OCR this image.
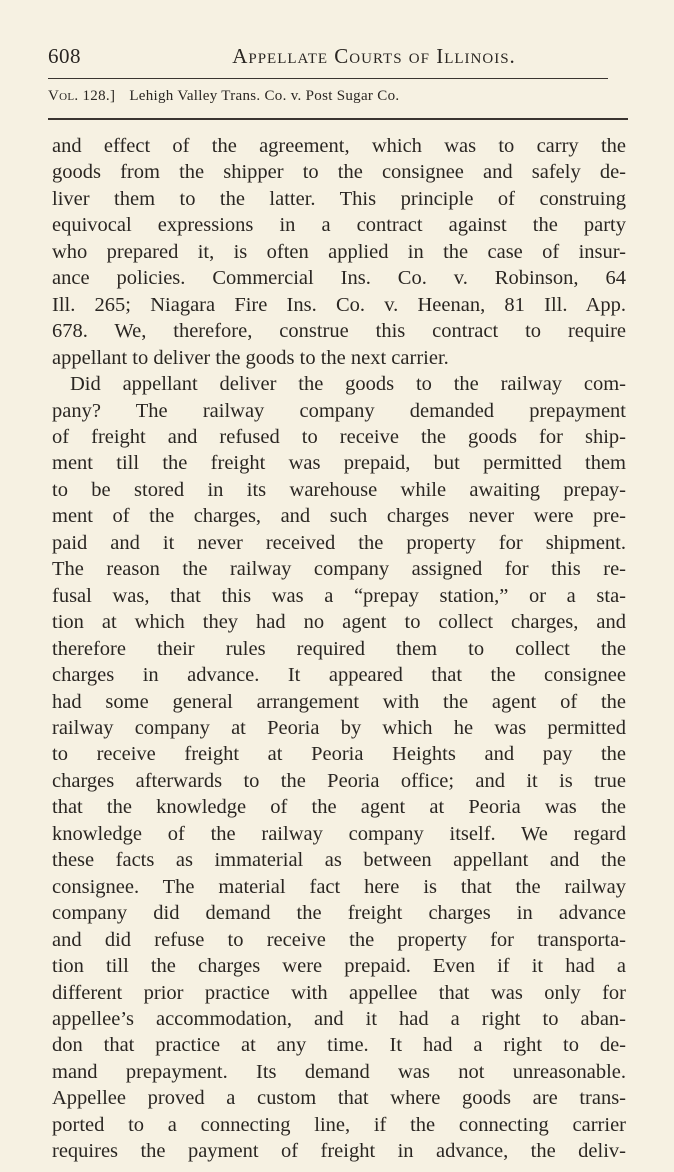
608	Appellate Courts of Illinois.
Vol. 128.] Lehigh Valley Trans. Co. v. Post Sugar Co.
and effect of the agreement, which was to carry the
goods from the shipper to the consignee and safely de-
liver them to the latter. This principle of construing
equivocal expressions in a contract against the party
who prepared it, is often applied in the case of insur-
ance policies. Commercial Ins. Co. v. Robinson, 64
Ill. 265; Niagara Fire Ins. Co. v. Heenan, 81 Ill. App.
678. We, therefore, construe this contract to require
appellant to deliver the goods to the next carrier.
Did appellant deliver the goods to the railway com-
pany? The railway company demanded prepayment
of freight and refused to receive the goods for ship-
ment till the freight was prepaid, but permitted them
to be stored in its warehouse while awaiting prepay-
ment of the charges, and such charges never were pre-
paid and it never received the property for shipment.
The reason the railway company assigned for this re-
fusal was, that this was a “prepay station,” or a sta-
tion at which they had no agent to collect charges, and
therefore their rules required them to collect the
charges in advance. It appeared that the consignee
had some general arrangement with the agent of the
railway company at Peoria by which he was permitted
to receive freight at Peoria Heights and pay the
charges afterwards to the Peoria office; and it is true
that the knowledge of the agent at Peoria was the
knowledge of the railway company itself. We regard
these facts as immaterial as between appellant and the
consignee. The material fact here is that the railway
company did demand the freight charges in advance
and did refuse to receive the property for transporta-
tion till the charges were prepaid. Even if it had a
different prior practice with appellee that was only for
appellee’s accommodation, and it had a right to aban-
don that practice at any time. It had a right to de-
mand prepayment. Its demand was not unreasonable.
Appellee proved a custom that where goods are trans-
ported to a connecting line, if the connecting carrier
requires the payment of freight in advance, the deliv-
